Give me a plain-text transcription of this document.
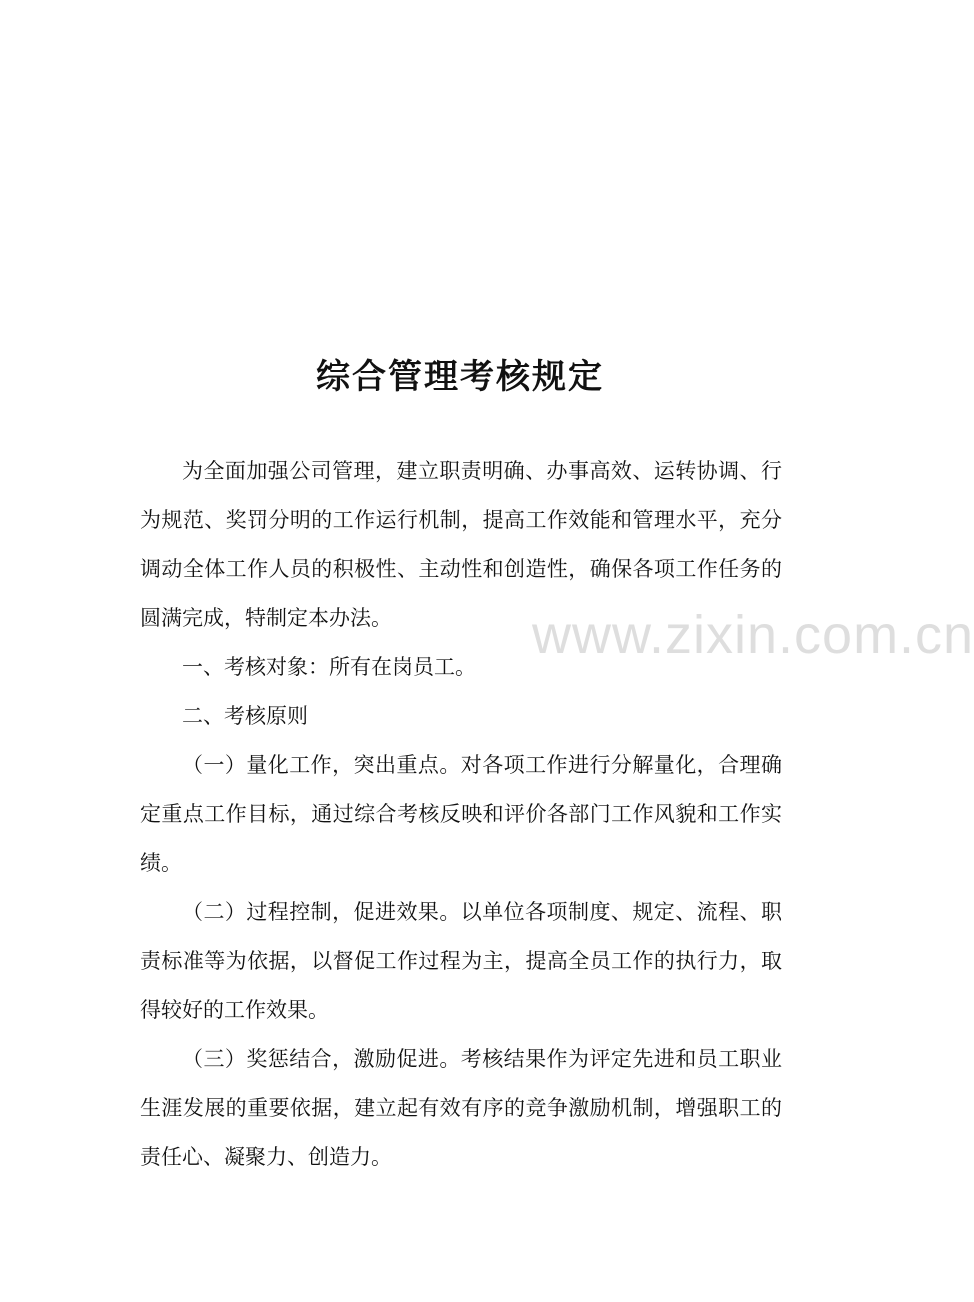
综合管理考核规定

为全面加强公司管理，建立职责明确、办事高效、运转协调、行为规范、奖罚分明的工作运行机制，提高工作效能和管理水平，充分调动全体工作人员的积极性、主动性和创造性，确保各项工作任务的圆满完成，特制定本办法。

一、考核对象：所有在岗员工。

二、考核原则

（一）量化工作，突出重点。对各项工作进行分解量化，合理确定重点工作目标，通过综合考核反映和评价各部门工作风貌和工作实绩。

（二）过程控制，促进效果。以单位各项制度、规定、流程、职责标准等为依据，以督促工作过程为主，提高全员工作的执行力，取得较好的工作效果。

（三）奖惩结合，激励促进。考核结果作为评定先进和员工职业生涯发展的重要依据，建立起有效有序的竞争激励机制，增强职工的责任心、凝聚力、创造力。

www.zixin.com.cn
